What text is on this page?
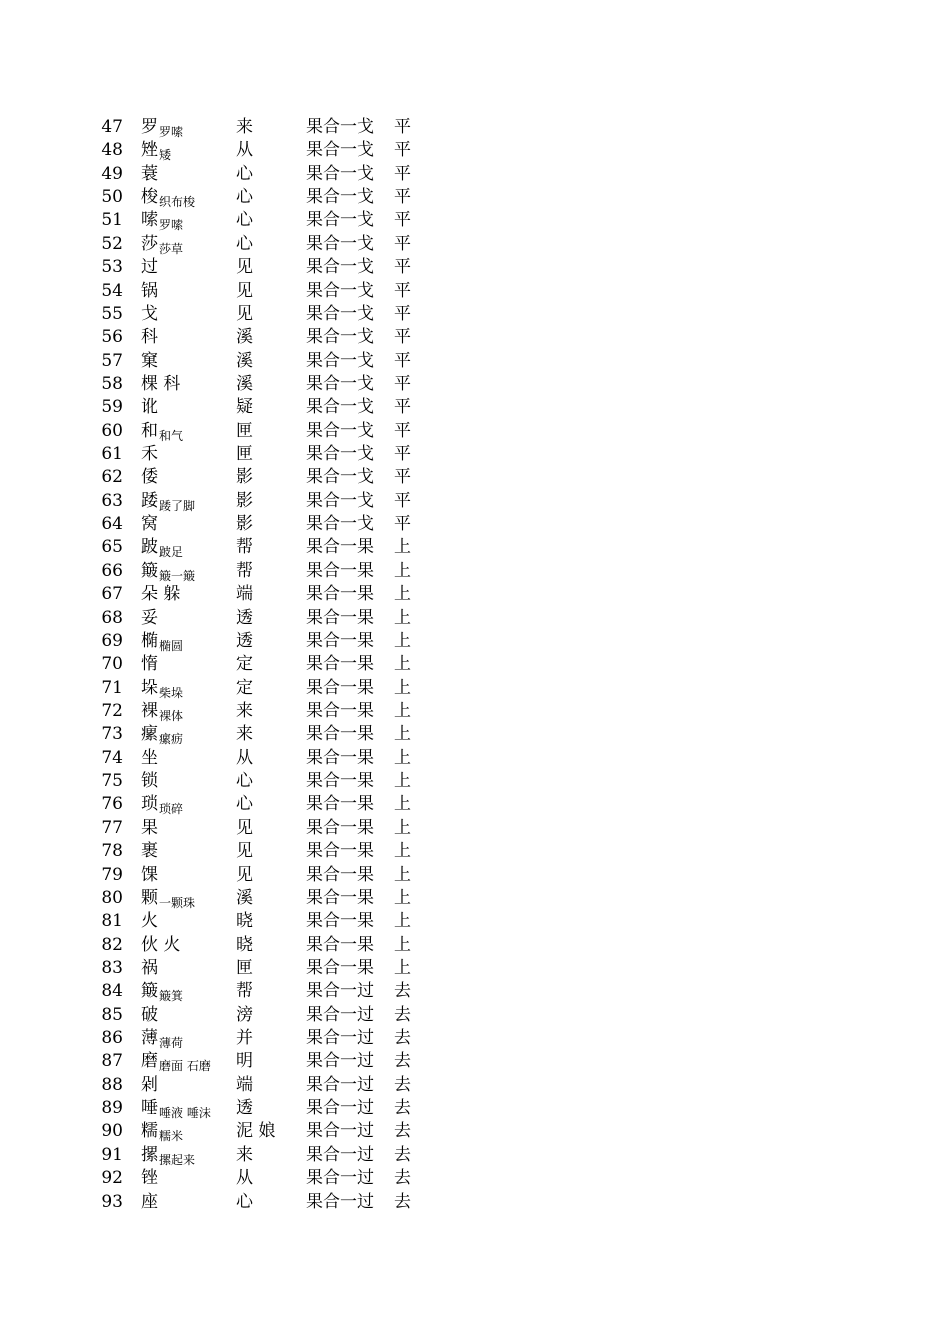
47 罗$_{罗嗦}$	来	果合一戈 平
48 矬$_矮$	从	果合一戈 平
49 蓑	心	果合一戈 平
50 梭$_{织布梭}$ 心	果合一戈 平
51 嗦$_{罗嗦}$	心	果合一戈 平
52 莎$_{莎草}$	心	果合一戈 平
53 过	见	果合一戈 平
54 锅	见	果合一戈 平
55 戈	见	果合一戈 平
56 科	溪	果合一戈 平
57 窠	溪	果合一戈 平
58 棵 科	溪	果合一戈 平
59 讹	疑	果合一戈 平
60 和$_{和气}$	匣	果合一戈 平
61 禾	匣	果合一戈 平
62 倭	影	果合一戈 平
63 踒$_{踒了脚}$ 影	果合一戈 平
64 窝	影	果合一戈 平
65 跛$_{跛足}$	帮	果合一果 上
66 簸$_{簸一簸}$ 帮	果合一果 上
67 朵 躲	端	果合一果 上
68 妥	透	果合一果 上
69 椭$_{椭圆}$	透	果合一果 上
70 惰	定	果合一果 上
71 垛$_{柴垛}$	定	果合一果 上
72 裸$_{裸体}$	来	果合一果 上
73 瘰$_{瘰疬}$	来	果合一果 上
74 坐	从	果合一果 上
75 锁	心	果合一果 上
76 琐$_{琐碎}$	心	果合一果 上
77 果	见	果合一果 上
78 裹	见	果合一果 上
79 馃	见	果合一果 上
80 颗$_{一颗珠}$ 溪	果合一果 上
81 火	晓	果合一果 上
82 伙 火	晓	果合一果 上
83 祸	匣	果合一果 上
84 簸$_{簸箕}$	帮	果合一过 去
85 破	滂	果合一过 去
86 薄$_{薄荷}$	并	果合一过 去
87 磨$_{磨面 石磨}$ 明	果合一过 去
88 剁	端	果合一过 去
89 唾$_{唾液 唾沫}$ 透	果合一过 去
90 糯$_{糯米}$	泥 娘 果合一过 去
91 摞$_{摞起来}$ 来	果合一过 去
92 锉	从	果合一过 去
93 座	心	果合一过 去
